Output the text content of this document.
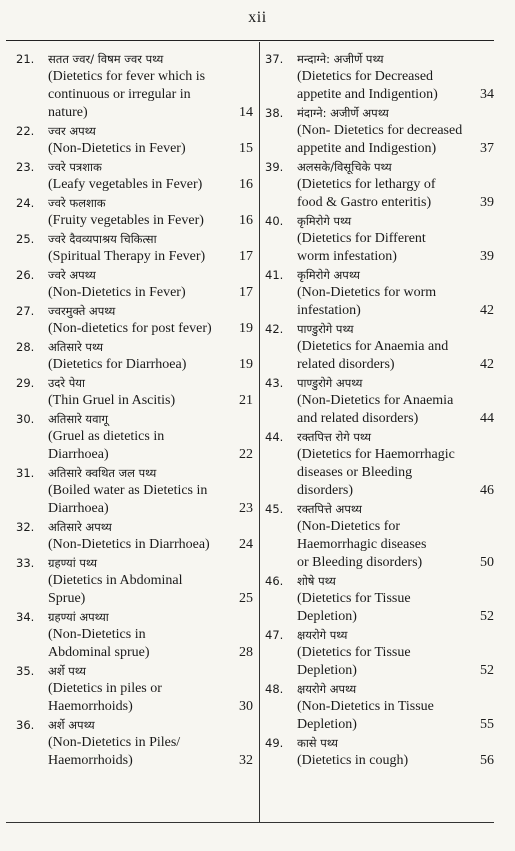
xii
21. सतत ज्वर/ विषम ज्वर पथ्य
(Dietetics for fever which is
continuous or irregular in
nature)	14
22. ज्वर अपथ्य
(Non-Dietetics in Fever)	15
23. ज्वरे पत्रशाक
(Leafy vegetables in Fever)	16
24. ज्वरे फलशाक
(Fruity vegetables in Fever)	16
25. ज्वरे दैवव्यपाश्रय चिकित्सा
(Spiritual Therapy in Fever) 17
26. ज्वरे अपथ्य
(Non-Dietetics in Fever)	17
27. ज्वरमुक्ते अपथ्य
(Non-dietetics for post fever) 19
28. अतिसारे पथ्य
(Dietetics for Diarrhoea)	19
29. उदरे पेया
(Thin Gruel in Ascitis)	21
30. अतिसारे यवागू
(Gruel as dietetics in
Diarrhoea)	22
31. अतिसारे क्वथित जल पथ्य
(Boiled water as Dietetics in
Diarrhoea)	23
32. अतिसारे अपथ्य
(Non-Dietetics in Diarrhoea) 24
33. ग्रहण्यां पथ्य
(Dietetics in Abdominal
Sprue)	25
34. ग्रहण्यां अपथ्या
(Non-Dietetics in
Abdominal sprue)	28
35. अर्शे पथ्य
(Dietetics in piles or
Haemorrhoids)	30
36. अर्शे अपथ्य
(Non-Dietetics in Piles/
Haemorrhoids)	32
37. मन्दाग्ने: अजीर्णे पथ्य
(Dietetics for Decreased
appetite and Indigention)	34
38. मंदाग्ने: अजीर्णे अपथ्य
(Non- Dietetics for decreased
appetite and Indigestion)	37
39. अलसके/विसूचिके पथ्य
(Dietetics for lethargy of
food & Gastro enteritis)	39
40. कृमिरोगे पथ्य
(Dietetics for Different
worm infestation)	39
41. कृमिरोगे अपथ्य
(Non-Dietetics for worm
infestation)	42
42. पाण्डुरोगे पथ्य
(Dietetics for Anaemia and
related disorders)	42
43. पाण्डुरोगे अपथ्य
(Non-Dietetics for Anaemia
and related disorders)	44
44. रक्तपित्त रोगे पथ्य
(Dietetics for Haemorrhagic
diseases or Bleeding
disorders)	46
45. रक्तपित्ते अपथ्य
(Non-Dietetics for
Haemorrhagic diseases
or Bleeding disorders)	50
46. शोषे पथ्य
(Dietetics for Tissue
Depletion)	52
47. क्षयरोगे पथ्य
(Dietetics for Tissue
Depletion)	52
48. क्षयरोगे अपथ्य
(Non-Dietetics in Tissue
Depletion)	55
49. कासे पथ्य
(Dietetics in cough)	56
